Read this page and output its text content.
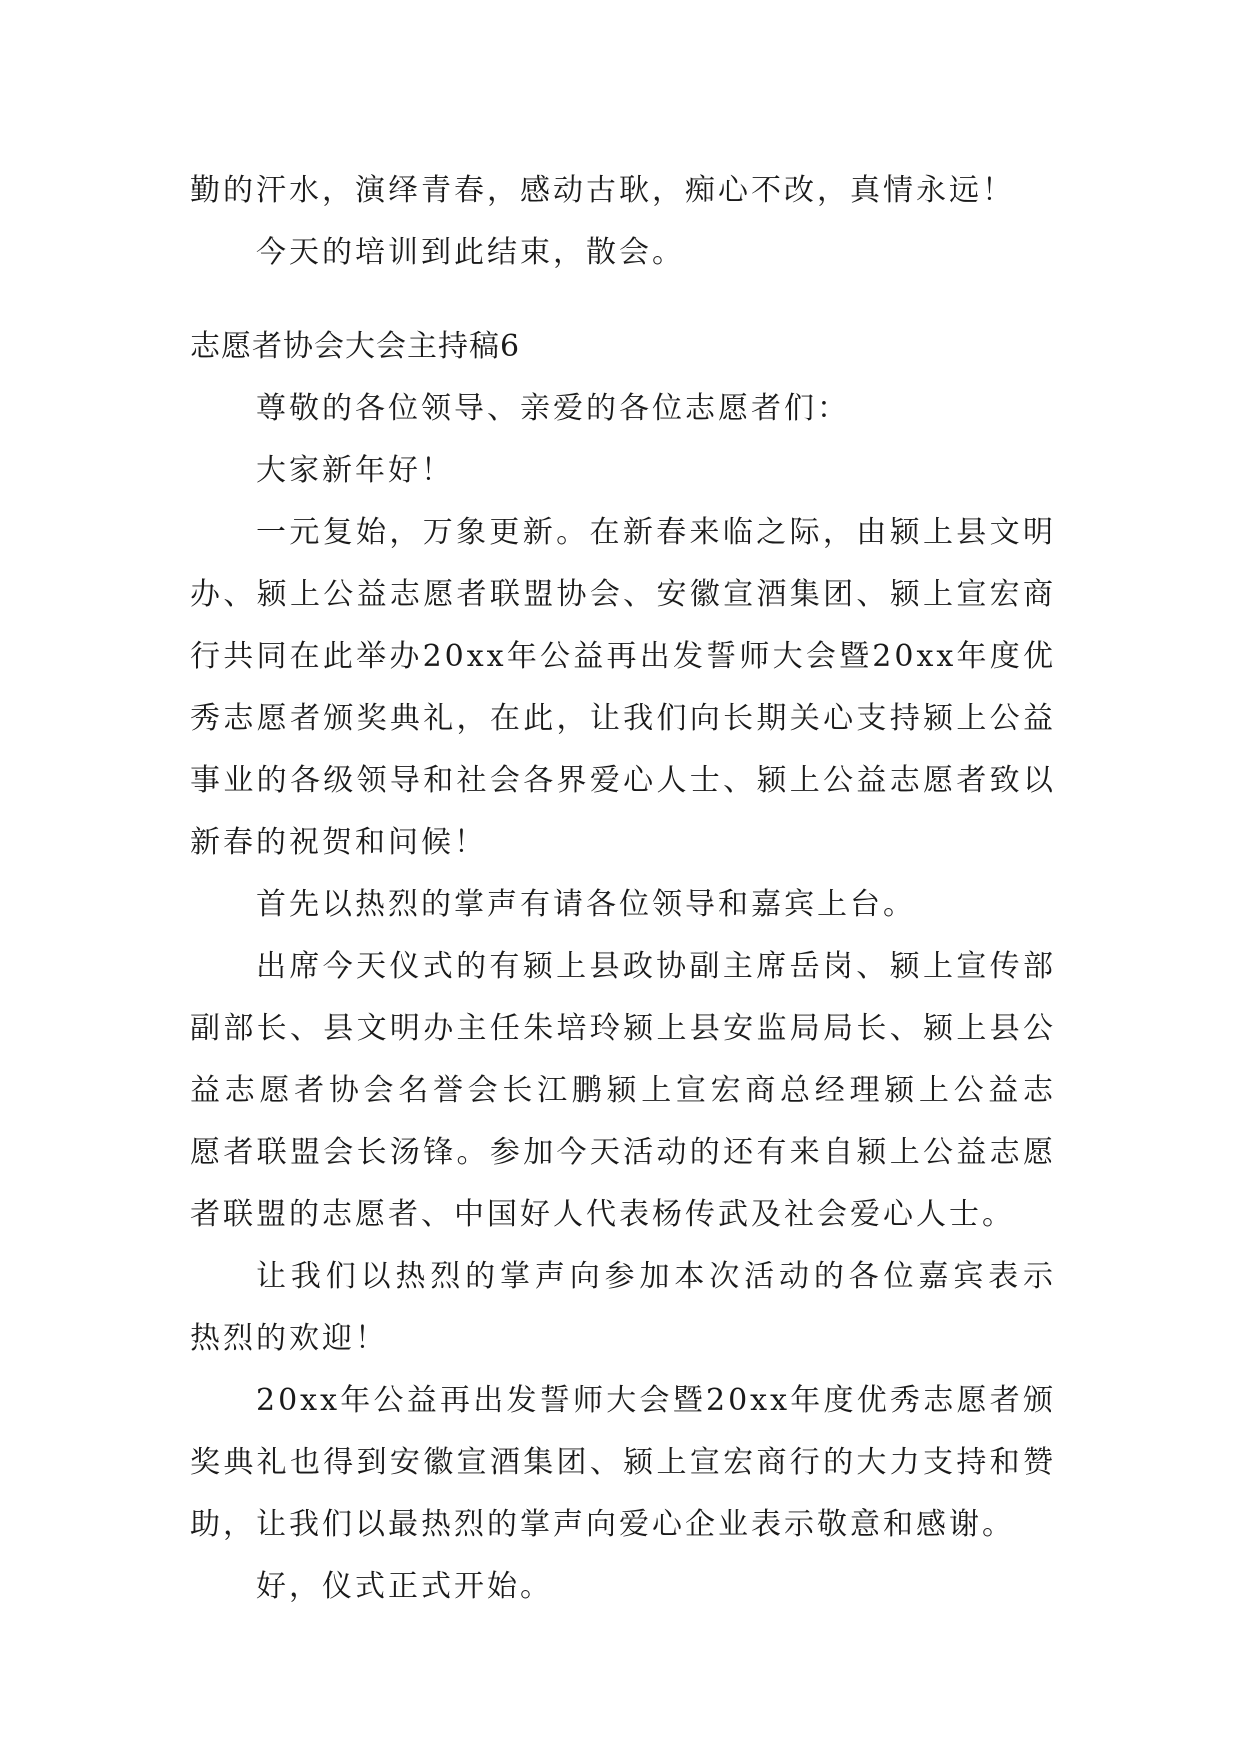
勤的汗水，演绎青春，感动古耿，痴心不改，真情永远！
今天的培训到此结束，散会。
志愿者协会大会主持稿6
尊敬的各位领导、亲爱的各位志愿者们：
大家新年好！
一元复始，万象更新。在新春来临之际，由颍上县文明
办、颍上公益志愿者联盟协会、安徽宣酒集团、颍上宣宏商
行共同在此举办20xx年公益再出发誓师大会暨20xx年度优
秀志愿者颁奖典礼，在此，让我们向长期关心支持颍上公益
事业的各级领导和社会各界爱心人士、颍上公益志愿者致以
新春的祝贺和问候！
首先以热烈的掌声有请各位领导和嘉宾上台。
出席今天仪式的有颍上县政协副主席岳岗、颍上宣传部
副部长、县文明办主任朱培玲颍上县安监局局长、颍上县公
益志愿者协会名誉会长江鹏颍上宣宏商总经理颍上公益志
愿者联盟会长汤锋。参加今天活动的还有来自颍上公益志愿
者联盟的志愿者、中国好人代表杨传武及社会爱心人士。
让我们以热烈的掌声向参加本次活动的各位嘉宾表示
热烈的欢迎！
20xx年公益再出发誓师大会暨20xx年度优秀志愿者颁
奖典礼也得到安徽宣酒集团、颍上宣宏商行的大力支持和赞
助，让我们以最热烈的掌声向爱心企业表示敬意和感谢。
好，仪式正式开始。
